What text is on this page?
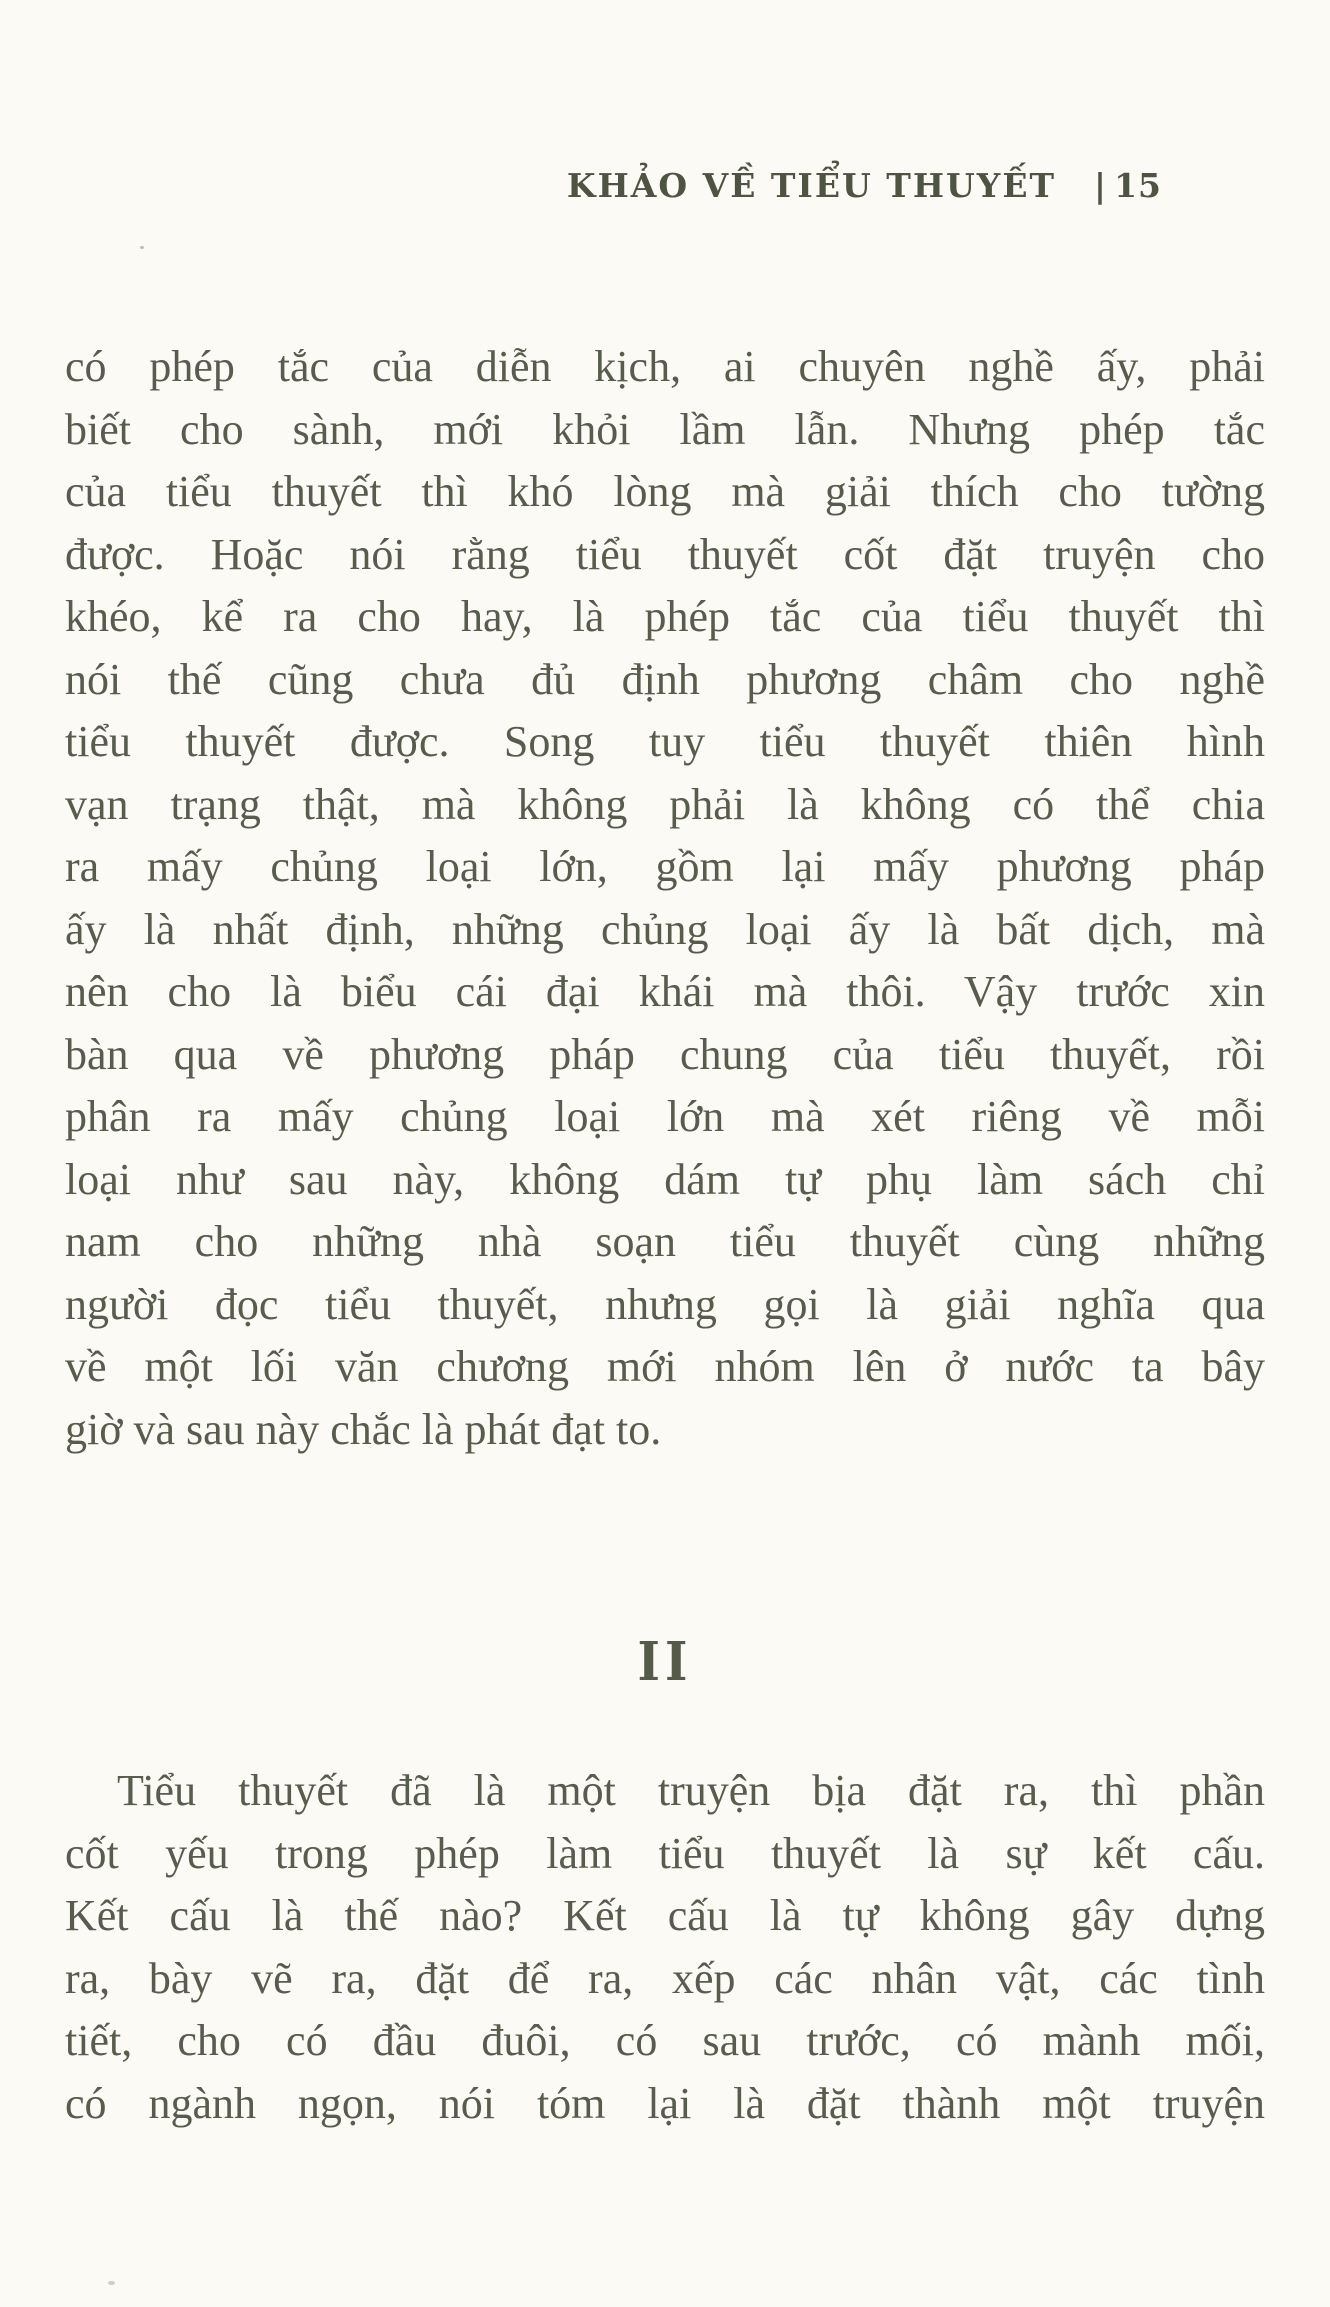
KHẢO VỀ TIỂU THUYẾT | 15
có phép tắc của diễn kịch, ai chuyên nghề ấy, phải
biết cho sành, mới khỏi lầm lẫn. Nhưng phép tắc
của tiểu thuyết thì khó lòng mà giải thích cho tường
được. Hoặc nói rằng tiểu thuyết cốt đặt truyện cho
khéo, kể ra cho hay, là phép tắc của tiểu thuyết thì
nói thế cũng chưa đủ định phương châm cho nghề
tiểu thuyết được. Song tuy tiểu thuyết thiên hình
vạn trạng thật, mà không phải là không có thể chia
ra mấy chủng loại lớn, gồm lại mấy phương pháp
ấy là nhất định, những chủng loại ấy là bất dịch, mà
nên cho là biểu cái đại khái mà thôi. Vậy trước xin
bàn qua về phương pháp chung của tiểu thuyết, rồi
phân ra mấy chủng loại lớn mà xét riêng về mỗi
loại như sau này, không dám tự phụ làm sách chỉ
nam cho những nhà soạn tiểu thuyết cùng những
người đọc tiểu thuyết, nhưng gọi là giải nghĩa qua
về một lối văn chương mới nhóm lên ở nước ta bây
giờ và sau này chắc là phát đạt to.
II
Tiểu thuyết đã là một truyện bịa đặt ra, thì phần
cốt yếu trong phép làm tiểu thuyết là sự kết cấu.
Kết cấu là thế nào? Kết cấu là tự không gây dựng
ra, bày vẽ ra, đặt để ra, xếp các nhân vật, các tình
tiết, cho có đầu đuôi, có sau trước, có mành mối,
có ngành ngọn, nói tóm lại là đặt thành một truyện
